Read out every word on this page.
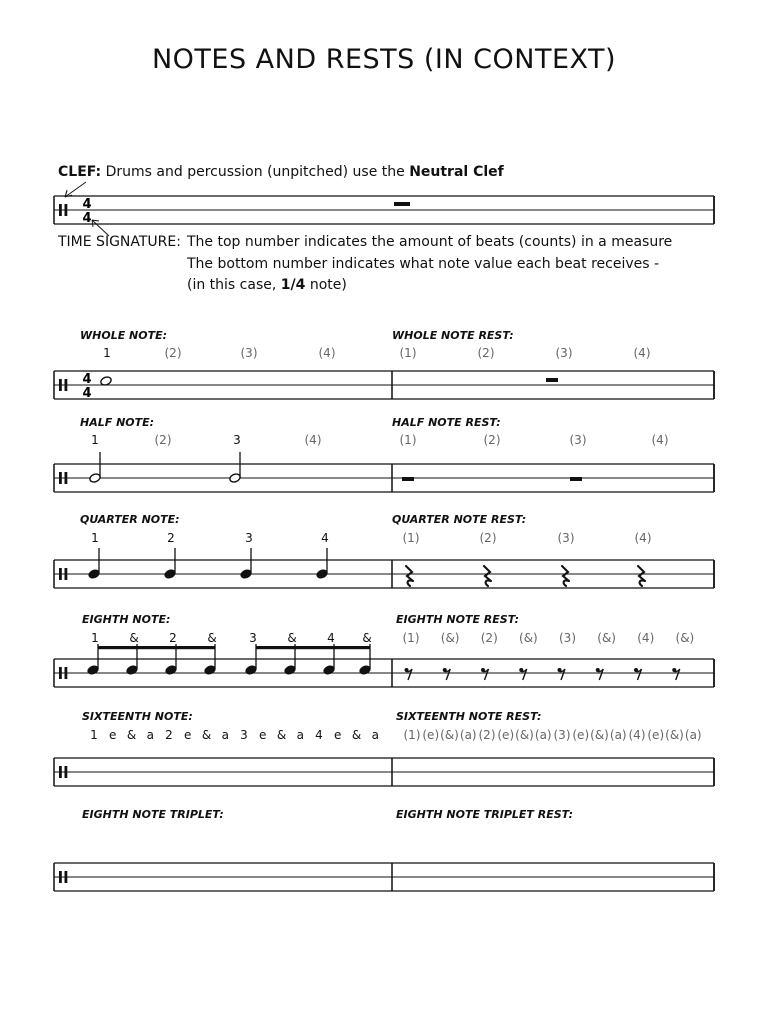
NOTES AND RESTS (IN CONTEXT)
CLEF: Drums and percussion (unpitched) use the Neutral Clef
TIME SIGNATURE: The top number indicates the amount of beats (counts) in a measure
The bottom number indicates what note value each beat receives -
(in this case, 1/4 note)
WHOLE NOTE:	WHOLE NOTE REST:
HALF NOTE:	HALF NOTE REST:
QUARTER NOTE:	QUARTER NOTE REST:
EIGHTH NOTE:	EIGHTH NOTE REST:
SIXTEENTH NOTE:	SIXTEENTH NOTE REST:
EIGHTH NOTE TRIPLET:	EIGHTH NOTE TRIPLET REST:
1	(2)	(3)	(4)	(1)	(2)	(3)	(4)
1	(2)	3	(4)	(1)	(2)	(3)	(4)
1	2	3	4	(1)	(2)	(3)	(4)
1	&	2	&	3	&	4 &	(1) (&) (2) (&) (3) (&) (4) (&)
1 e & a 2 e & a 3 e & a 4 e & a (1) (e) (&) (a) (2) (e) (&) (a) (3) (e) (&) (a) (4) (e) (&) (a)
4
4
4
4
